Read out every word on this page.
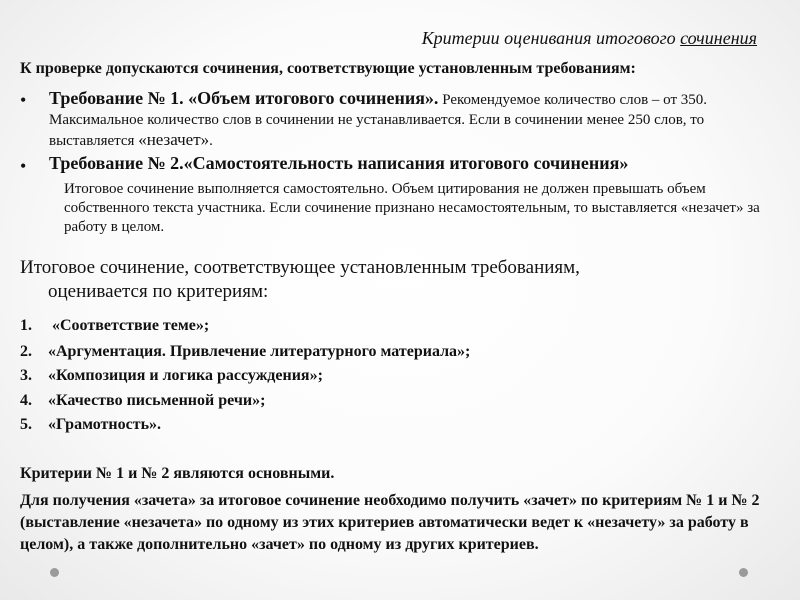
Критерии оценивания итогового сочинения
К проверке допускаются сочинения, соответствующие установленным требованиям:
• Требование № 1. «Объем итогового сочинения». Рекомендуемое количество слов – от 350. Максимальное количество слов в сочинении не устанавливается. Если в сочинении менее 250 слов, то выставляется «незачет».
• Требование № 2.«Самостоятельность написания итогового сочинения»
Итоговое сочинение выполняется самостоятельно. Объем цитирования не должен превышать объем собственного текста участника. Если сочинение признано несамостоятельным, то выставляется «незачет» за работу в целом.
Итоговое сочинение, соответствующее установленным требованиям,
оценивается по критериям:
1. «Соответствие теме»;
2. «Аргументация. Привлечение литературного материала»;
3. «Композиция и логика рассуждения»;
4. «Качество письменной речи»;
5. «Грамотность».
Критерии № 1 и № 2 являются основными.
Для получения «зачета» за итоговое сочинение необходимо получить «зачет» по критериям № 1 и № 2 (выставление «незачета» по одному из этих критериев автоматически ведет к «незачету» за работу в целом), а также дополнительно «зачет» по одному из других критериев.
